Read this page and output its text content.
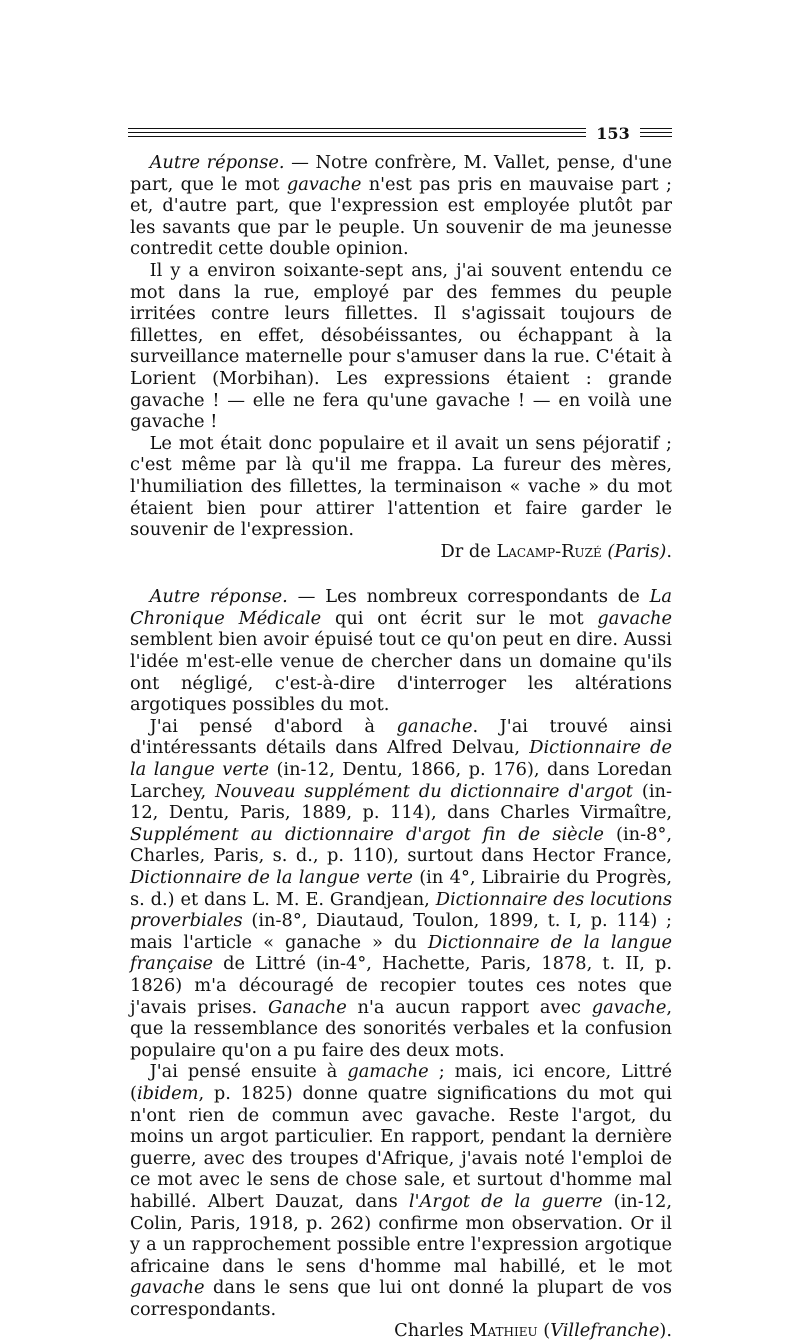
153

Autre réponse. — Notre confrère, M. Vallet, pense, d'une part, que le mot gavache n'est pas pris en mauvaise part ; et, d'autre part, que l'expression est employée plutôt par les savants que par le peuple. Un souvenir de ma jeunesse contredit cette double opinion.

Il y a environ soixante-sept ans, j'ai souvent entendu ce mot dans la rue, employé par des femmes du peuple irritées contre leurs fillettes. Il s'agissait toujours de fillettes, en effet, désobéissantes, ou échappant à la surveillance maternelle pour s'amuser dans la rue. C'était à Lorient (Morbihan). Les expressions étaient : grande gavache ! — elle ne fera qu'une gavache ! — en voilà une gavache !

Le mot était donc populaire et il avait un sens péjoratif ; c'est même par là qu'il me frappa. La fureur des mères, l'humiliation des fillettes, la terminaison « vache » du mot étaient bien pour attirer l'attention et faire garder le souvenir de l'expression.

Dr de Lacamp-Ruzé (Paris).

Autre réponse. — Les nombreux correspondants de La Chronique Médicale qui ont écrit sur le mot gavache semblent bien avoir épuisé tout ce qu'on peut en dire. Aussi l'idée m'est-elle venue de chercher dans un domaine qu'ils ont négligé, c'est-à-dire d'interroger les altérations argotiques possibles du mot.

J'ai pensé d'abord à ganache. J'ai trouvé ainsi d'intéressants détails dans Alfred Delvau, Dictionnaire de la langue verte (in-12, Dentu, 1866, p. 176), dans Loredan Larchey, Nouveau supplément du dictionnaire d'argot (in-12, Dentu, Paris, 1889, p. 114), dans Charles Virmaître, Supplément au dictionnaire d'argot fin de siècle (in-8°, Charles, Paris, s. d., p. 110), surtout dans Hector France, Dictionnaire de la langue verte (in 4°, Librairie du Progrès, s. d.) et dans L. M. E. Grandjean, Dictionnaire des locutions proverbiales (in-8°, Diautaud, Toulon, 1899, t. I, p. 114) ; mais l'article « ganache » du Dictionnaire de la langue française de Littré (in-4°, Hachette, Paris, 1878, t. II, p. 1826) m'a découragé de recopier toutes ces notes que j'avais prises. Ganache n'a aucun rapport avec gavache, que la ressemblance des sonorités verbales et la confusion populaire qu'on a pu faire des deux mots.

J'ai pensé ensuite à gamache ; mais, ici encore, Littré (ibidem, p. 1825) donne quatre significations du mot qui n'ont rien de commun avec gavache. Reste l'argot, du moins un argot particulier. En rapport, pendant la dernière guerre, avec des troupes d'Afrique, j'avais noté l'emploi de ce mot avec le sens de chose sale, et surtout d'homme mal habillé. Albert Dauzat, dans l'Argot de la guerre (in-12, Colin, Paris, 1918, p. 262) confirme mon observation. Or il y a un rapprochement possible entre l'expression argotique africaine dans le sens d'homme mal habillé, et le mot gavache dans le sens que lui ont donné la plupart de vos correspondants.

Charles Mathieu (Villefranche).
